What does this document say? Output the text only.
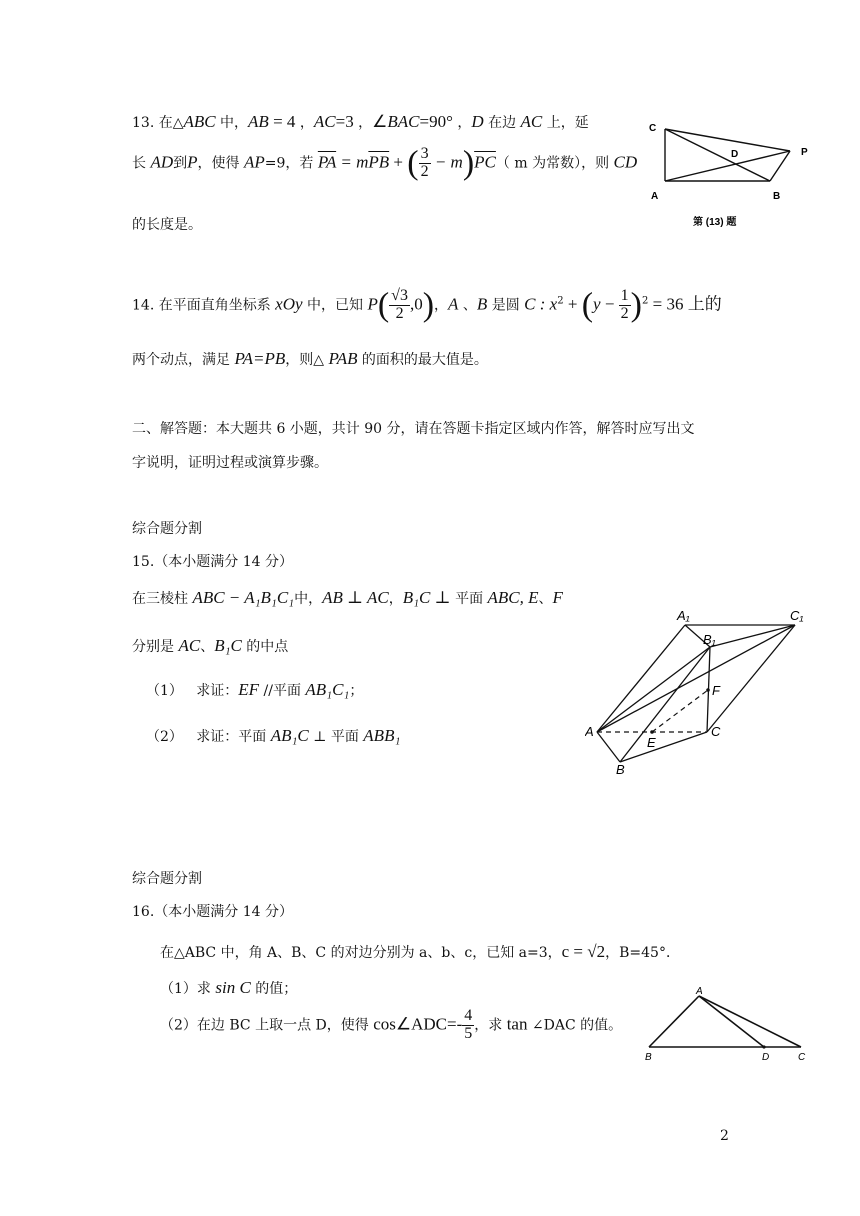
13. 在△ABC 中，AB = 4 ，AC=3 ，∠BAC=90° ，D 在边 AC 上，延
长 AD到P，使得 AP=9，若 $\overline{PA} = m\overline{PB}$ + ( $\frac{3}{2} - m)\overline{PC}$（ m 为常数），则 CD
的长度是。
C
D	P
A	B
第 (13) 题
14. 在平面直角坐标系 xOy 中，已知 $P( \frac{√3}{2} ,0)$，A 、B 是圆 C : $x^2 + (y - \frac{1}{2} )^2 = 36$ 上的
两个动点，满足 PA=PB，则△ PAB 的面积的最大值是。
二、解答题：本大题共 6 小题，共计 90 分，请在答题卡指定区域内作答，解答时应写出文
字说明，证明过程或演算步骤。
综合题分割
15.（本小题满分 14 分）
在三棱柱 ABC − A₁B₁C₁中，AB ⊥ AC，B₁C ⊥ 平面 ABC, E、F
分别是 AC、B₁C 的中点
（1） 求证：EF //平面 AB₁C₁；
（2） 求证：平面 AB₁C ⊥ 平面 ABB₁
A₁	C₁
B₁
F
A
E
C
B
综合题分割
16.（本小题满分 14 分）
在△ABC 中，角 A、B、C 的对边分别为 a、b、c，已知 a=3，c = √2，B=45°．
（1）求 sin C 的值；
（2）在边 BC 上取一点 D，使得 cos∠ADC=- $\frac{4}{5}$ ，求 tan ∠DAC 的值。
A
B	D	C
2
